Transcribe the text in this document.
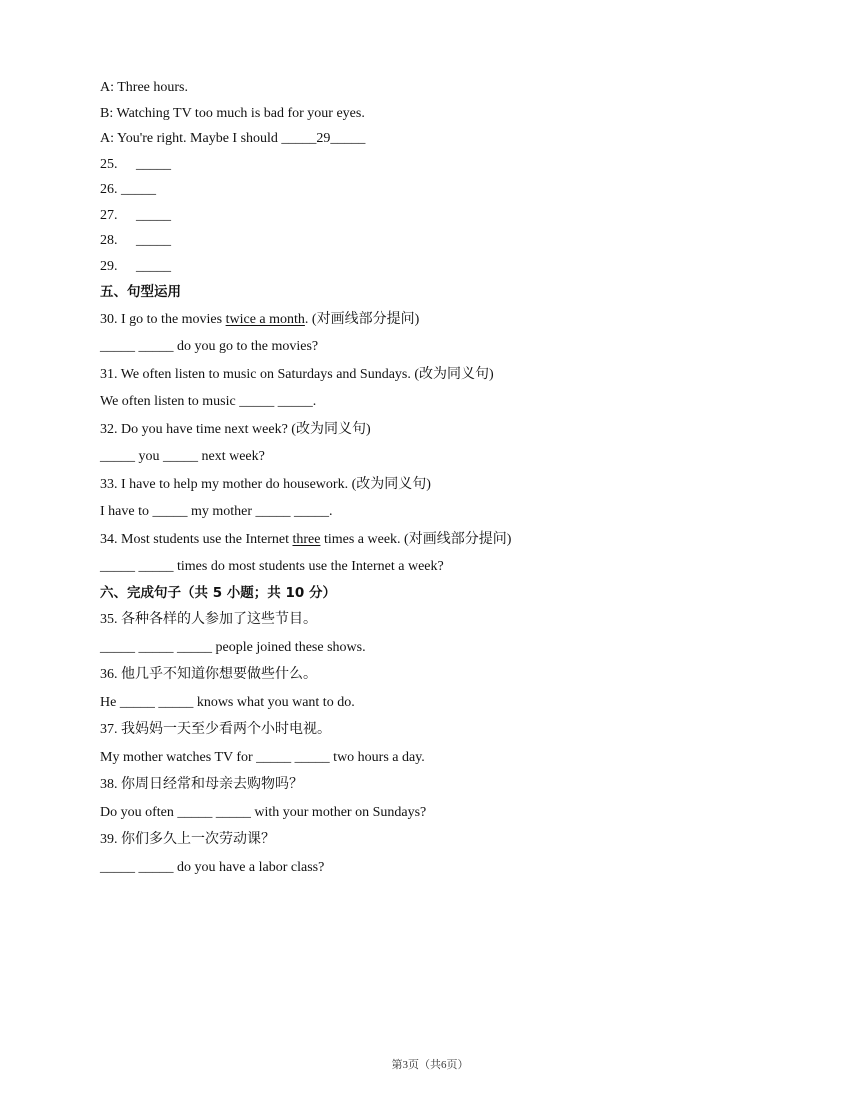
A: Three hours.
B: Watching TV too much is bad for your eyes.
A: You're right. Maybe I should _____29_____
25. _____
26. _____
27. _____
28. _____
29. _____
五、句型运用
30. I go to the movies twice a month. (对画线部分提问)
_____ _____ do you go to the movies?
31. We often listen to music on Saturdays and Sundays. (改为同义句)
We often listen to music _____ _____.
32. Do you have time next week? (改为同义句)
_____ you _____ next week?
33. I have to help my mother do housework. (改为同义句)
I have to _____ my mother _____ _____.
34. Most students use the Internet three times a week. (对画线部分提问)
_____ _____ times do most students use the Internet a week?
六、完成句子（共 5 小题；共 10 分）
35. 各种各样的人参加了这些节目。
_____ _____ _____ people joined these shows.
36. 他几乎不知道你想要做些什么。
He _____ _____ knows what you want to do.
37. 我妈妈一天至少看两个小时电视。
My mother watches TV for _____ _____ two hours a day.
38. 你周日经常和母亲去购物吗？
Do you often _____ _____ with your mother on Sundays?
39. 你们多久上一次劳动课？
_____ _____ do you have a labor class?
第3页（共6页）
